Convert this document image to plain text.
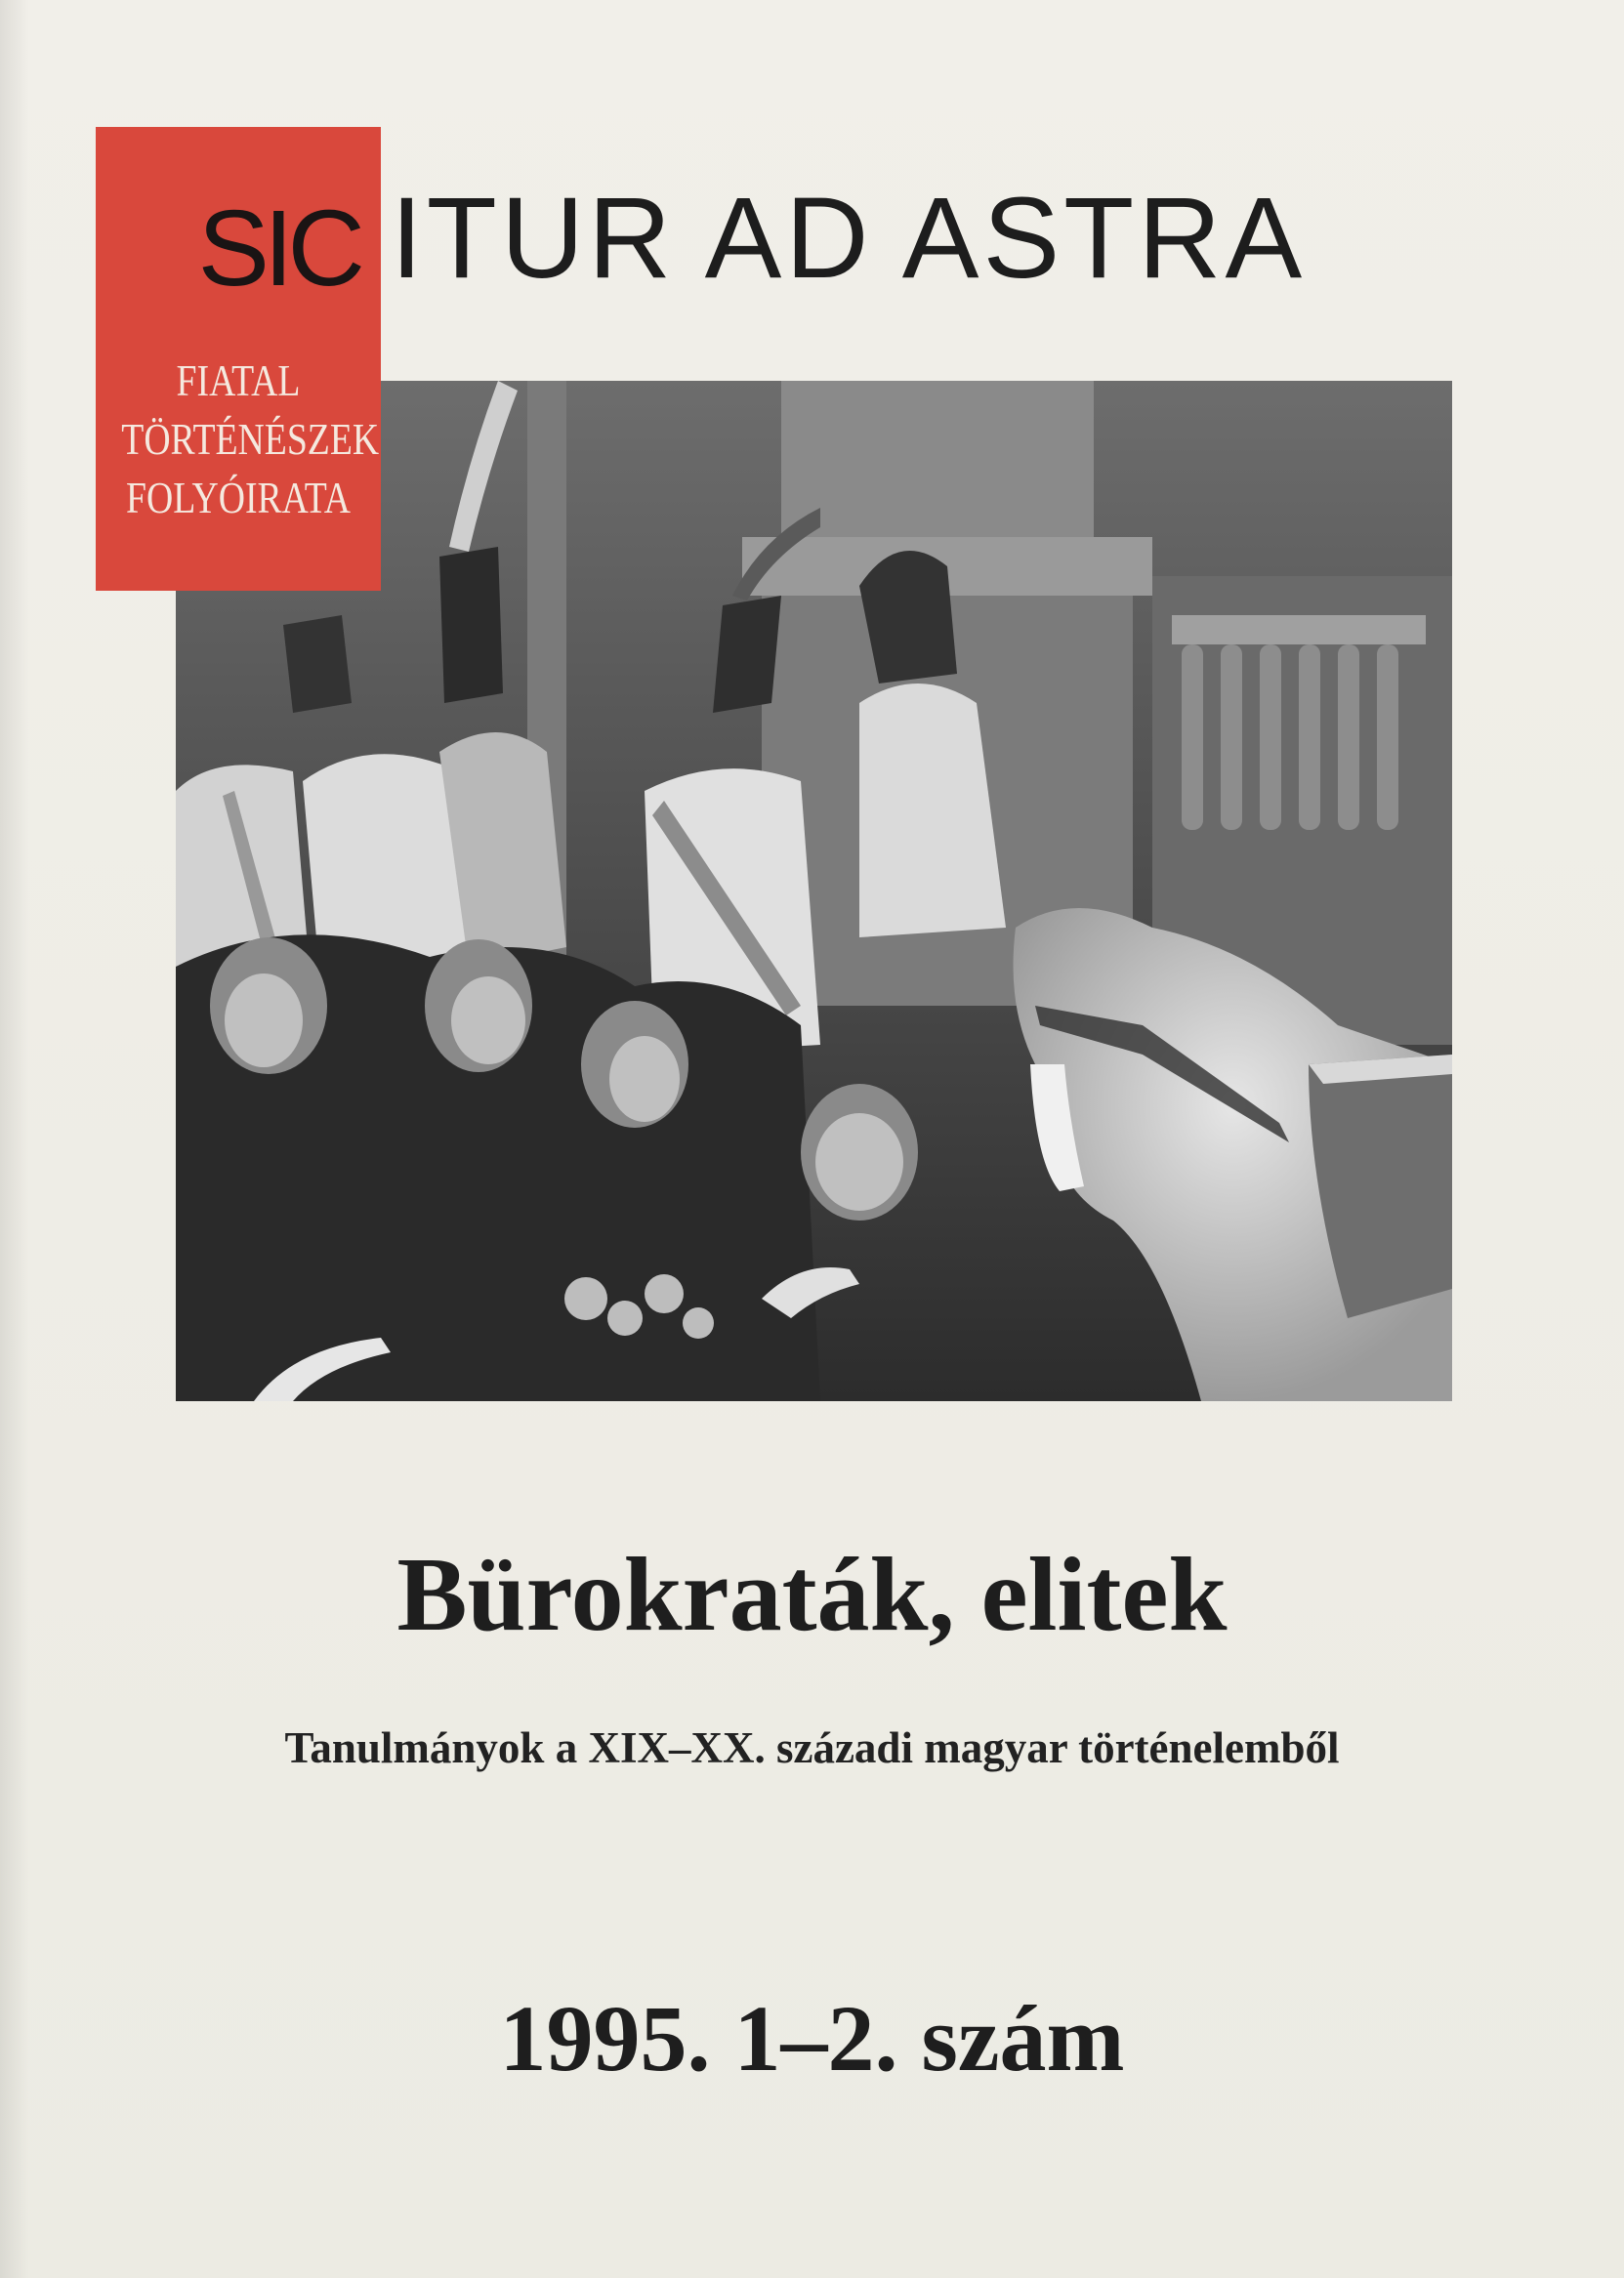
SIC
FIATAL
TÖRTÉNÉSZEK
FOLYÓIRATA
ITUR AD ASTRA
Bürokraták, elitek
Tanulmányok a XIX–XX. századi magyar történelemből
1995. 1–2. szám
